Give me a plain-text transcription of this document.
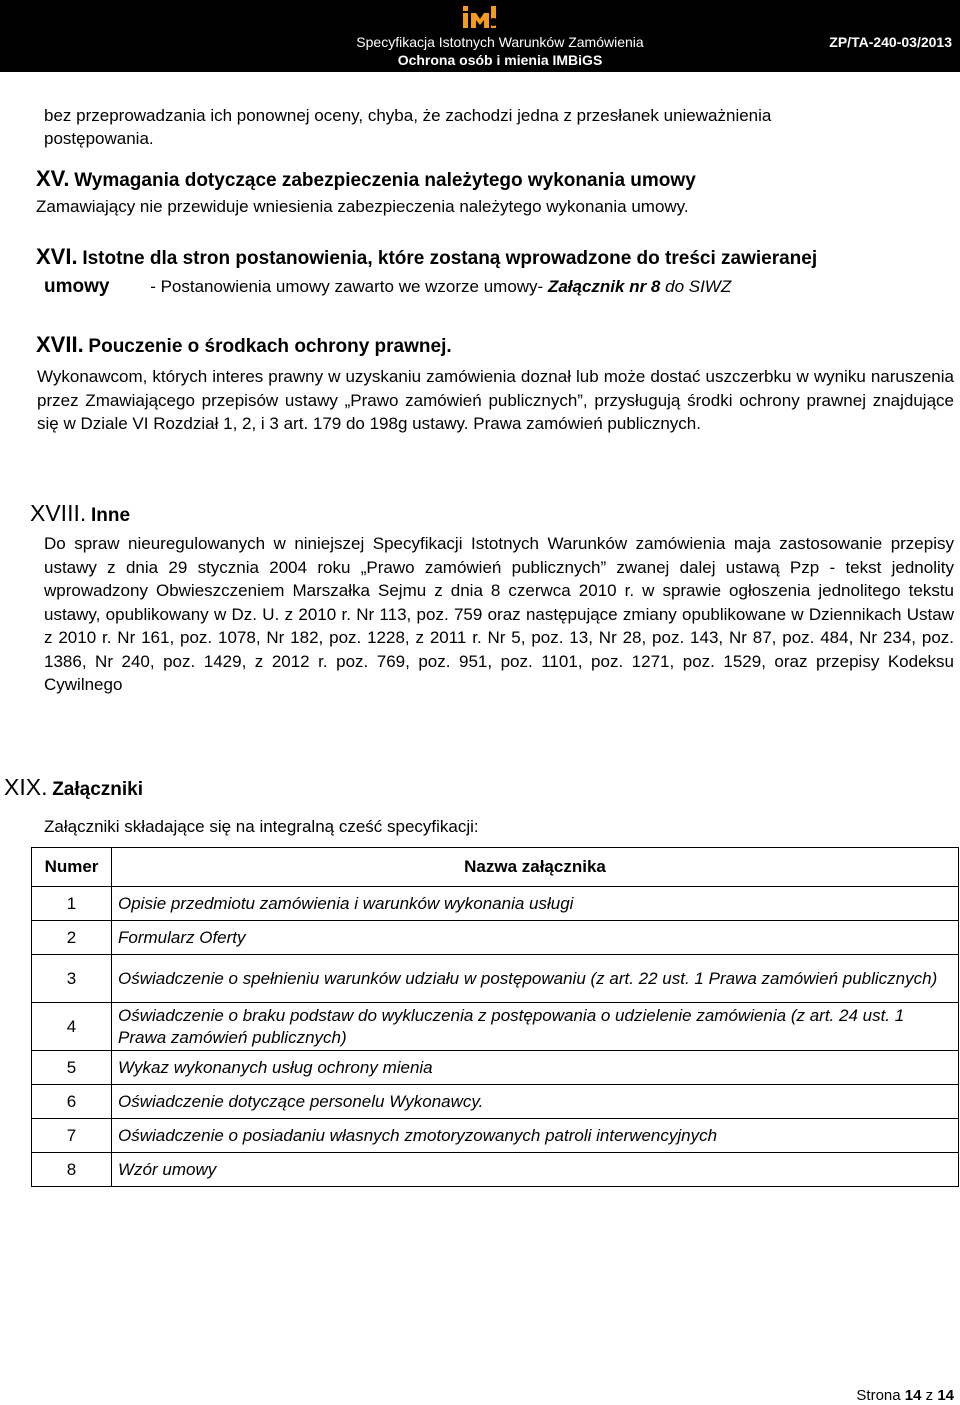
Specyfikacja Istotnych Warunków Zamówienia
Ochrona osób i mienia IMBiGS
ZP/TA-240-03/2013
bez przeprowadzania ich ponownej oceny, chyba, że zachodzi jedna z przesłanek unieważnienia
postępowania.
XV. Wymagania dotyczące zabezpieczenia należytego wykonania umowy
Zamawiający nie przewiduje wniesienia zabezpieczenia należytego wykonania umowy.
XVI. Istotne dla stron postanowienia, które zostaną wprowadzone do treści zawieranej
umowy - Postanowienia umowy zawarto we wzorze umowy- Załącznik nr 8 do SIWZ
XVII. Pouczenie o środkach ochrony prawnej.
Wykonawcom, których interes prawny w uzyskaniu zamówienia doznał lub może dostać uszczerbku w wyniku naruszenia przez Zmawiającego przepisów ustawy „Prawo zamówień publicznych”, przysługują środki ochrony prawnej znajdujące się w Dziale VI Rozdział 1, 2, i 3 art. 179 do 198g ustawy. Prawa zamówień publicznych.
XVIII. Inne
Do spraw nieuregulowanych w niniejszej Specyfikacji Istotnych Warunków zamówienia maja zastosowanie przepisy ustawy z dnia 29 stycznia 2004 roku „Prawo zamówień publicznych” zwanej dalej ustawą Pzp - tekst jednolity wprowadzony Obwieszczeniem Marszałka Sejmu z dnia 8 czerwca 2010 r. w sprawie ogłoszenia jednolitego tekstu ustawy, opublikowany w Dz. U. z 2010 r. Nr 113, poz. 759 oraz następujące zmiany opublikowane w Dziennikach Ustaw z 2010 r. Nr 161, poz. 1078, Nr 182, poz. 1228, z 2011 r. Nr 5, poz. 13, Nr 28, poz. 143, Nr 87, poz. 484, Nr 234, poz. 1386, Nr 240, poz. 1429, z 2012 r. poz. 769, poz. 951, poz. 1101, poz. 1271, poz. 1529, oraz przepisy Kodeksu Cywilnego
XIX. Załączniki
Załączniki składające się na integralną cześć specyfikacji:
Numer	Nazwa załącznika
1	Opisie przedmiotu zamówienia i warunków wykonania usługi
2	Formularz Oferty
3	Oświadczenie o spełnieniu warunków udziału w postępowaniu (z art. 22 ust. 1 Prawa zamówień publicznych)
4	Oświadczenie o braku podstaw do wykluczenia z postępowania o udzielenie zamówienia (z art. 24 ust. 1 Prawa zamówień publicznych)
5	Wykaz wykonanych usług ochrony mienia
6	Oświadczenie dotyczące personelu Wykonawcy.
7	Oświadczenie o posiadaniu własnych zmotoryzowanych patroli interwencyjnych
8	Wzór umowy
Strona 14 z 14
